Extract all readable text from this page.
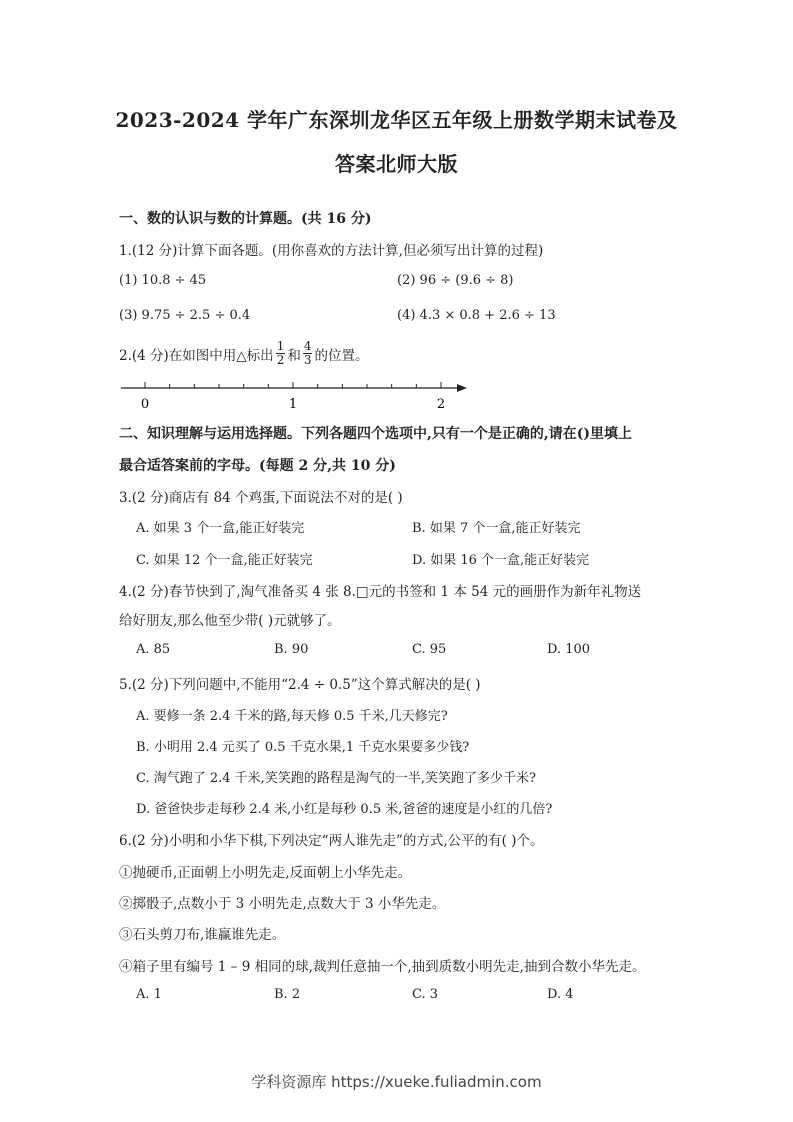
2023-2024 学年广东深圳龙华区五年级上册数学期末试卷及
答案北师大版
一、数的认识与数的计算题。(共 16 分)
1.(12 分)计算下面各题。(用你喜欢的方法计算,但必须写出计算的过程)
(1) 10.8 ÷ 45	(2) 96 ÷ (9.6 ÷ 8)
(3) 9.75 ÷ 2.5 ÷ 0.4	(4) 4.3 × 0.8 + 2.6 ÷ 13
2.(4 分)在如图中用△标出 $\frac{1}{2}$ 和 $\frac{4}{3}$ 的位置。
0	1	2
二、知识理解与运用选择题。下列各题四个选项中,只有一个是正确的,请在()里填上
最合适答案前的字母。(每题 2 分,共 10 分)
3.(2 分)商店有 84 个鸡蛋,下面说法不对的是( )
A. 如果 3 个一盒,能正好装完	B. 如果 7 个一盒,能正好装完
C. 如果 12 个一盒,能正好装完	D. 如果 16 个一盒,能正好装完
4.(2 分)春节快到了,淘气准备买 4 张 8.□元的书签和 1 本 54 元的画册作为新年礼物送
给好朋友,那么他至少带( )元就够了。
A. 85	B. 90	C. 95	D. 100
5.(2 分)下列问题中,不能用“2.4 ÷ 0.5”这个算式解决的是( )
A. 要修一条 2.4 千米的路,每天修 0.5 千米,几天修完?
B. 小明用 2.4 元买了 0.5 千克水果,1 千克水果要多少钱?
C. 淘气跑了 2.4 千米,笑笑跑的路程是淘气的一半,笑笑跑了多少千米?
D. 爸爸快步走每秒 2.4 米,小红是每秒 0.5 米,爸爸的速度是小红的几倍?
6.(2 分)小明和小华下棋,下列决定“两人谁先走”的方式,公平的有( )个。
①抛硬币,正面朝上小明先走,反面朝上小华先走。
②掷骰子,点数小于 3 小明先走,点数大于 3 小华先走。
③石头剪刀布,谁赢谁先走。
④箱子里有编号 1 – 9 相同的球,裁判任意抽一个,抽到质数小明先走,抽到合数小华先走。
A. 1	B. 2	C. 3	D. 4
学科资源库 https://xueke.fuliadmin.com
